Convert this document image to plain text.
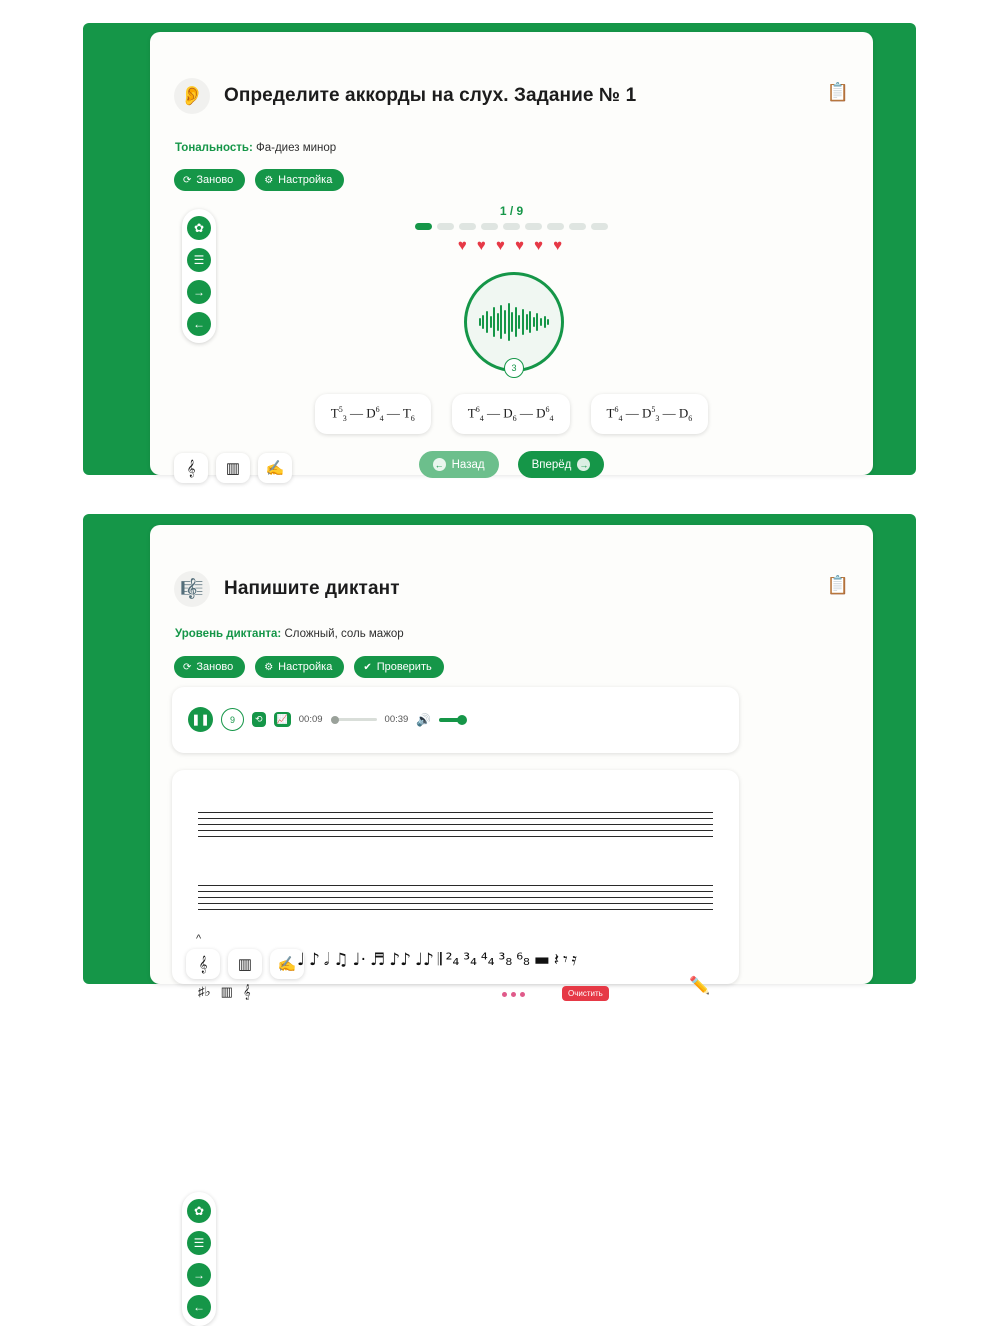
👂	Определите аккорды на слух. Задание № 1	📋
Тональность: Фа-диез минор
⟳ Заново	⚙ Настройка
1 / 9
♥ ♥ ♥ ♥ ♥ ♥
3
$T^5_3$ — $D^6_4$ — $T_6$	$T^6_4$ — $D_6$ — $D^6_4$	$T^6_4$ — $D^5_3$ — $D_6$
← Назад	Вперёд →
𝄞	▥	✍
✿
☰
→
←
🎼	Напишите диктант	📋
Уровень диктанта: Сложный, соль мажор
⟳ Заново	⚙ Настройка	✔ Проверить
❚❚	9	⟲	📈	00:09	00:39 🔊
^
𝄞	▥	✍ ♩ ♪ 𝅗𝅥 ♫ ♩· ♬ ♪♪ ♩♪ 𝄂 ²₄ ³₄ ⁴₄ ³₈ ⁶₈ ▬ 𝄽 𝄾 𝄿
♯♭ ▥ 𝄞	Очистить	✏️
✿
☰
→
←
